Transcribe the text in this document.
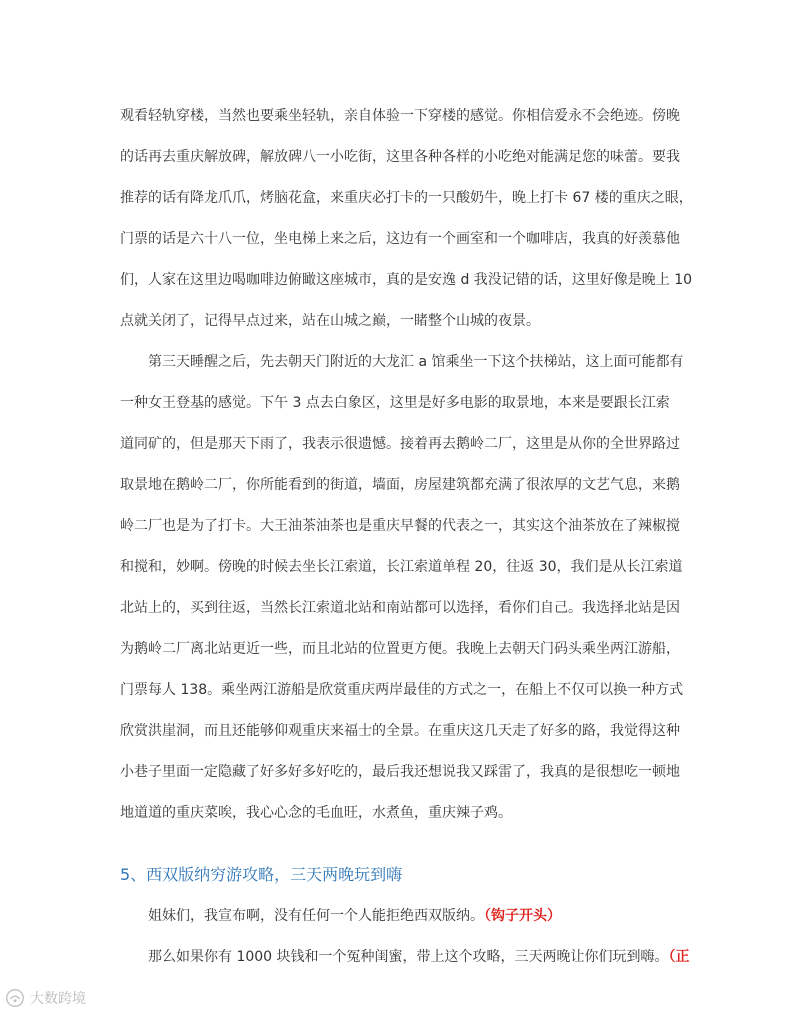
观看轻轨穿楼，当然也要乘坐轻轨，亲自体验一下穿楼的感觉。你相信爱永不会绝迹。傍晚
的话再去重庆解放碑，解放碑八一小吃街，这里各种各样的小吃绝对能满足您的味蕾。要我
推荐的话有降龙爪爪，烤脑花盒，来重庆必打卡的一只酸奶牛，晚上打卡 67 楼的重庆之眼，
门票的话是六十八一位，坐电梯上来之后，这边有一个画室和一个咖啡店，我真的好羡慕他
们，人家在这里边喝咖啡边俯瞰这座城市，真的是安逸 d 我没记错的话，这里好像是晚上 10
点就关闭了，记得早点过来，站在山城之巅，一睹整个山城的夜景。
第三天睡醒之后，先去朝天门附近的大龙汇 a 馆乘坐一下这个扶梯站，这上面可能都有
一种女王登基的感觉。下午 3 点去白象区，这里是好多电影的取景地，本来是要跟长江索
道同矿的，但是那天下雨了，我表示很遗憾。接着再去鹅岭二厂，这里是从你的全世界路过
取景地在鹅岭二厂，你所能看到的街道，墙面，房屋建筑都充满了很浓厚的文艺气息，来鹅
岭二厂也是为了打卡。大王油茶油茶也是重庆早餐的代表之一，其实这个油茶放在了辣椒搅
和搅和，妙啊。傍晚的时候去坐长江索道，长江索道单程 20，往返 30，我们是从长江索道
北站上的，买到往返，当然长江索道北站和南站都可以选择，看你们自己。我选择北站是因
为鹅岭二厂离北站更近一些，而且北站的位置更方便。我晚上去朝天门码头乘坐两江游船，
门票每人 138。乘坐两江游船是欣赏重庆两岸最佳的方式之一，在船上不仅可以换一种方式
欣赏洪崖洞，而且还能够仰观重庆来福士的全景。在重庆这几天走了好多的路，我觉得这种
小巷子里面一定隐藏了好多好多好吃的，最后我还想说我又踩雷了，我真的是很想吃一顿地
地道道的重庆菜唉，我心心念的毛血旺，水煮鱼，重庆辣子鸡。
5、西双版纳穷游攻略，三天两晚玩到嗨
姐妹们，我宣布啊，没有任何一个人能拒绝西双版纳。（钩子开头）
那么如果你有 1000 块钱和一个冤种闺蜜，带上这个攻略，三天两晚让你们玩到嗨。（正
大数跨境
